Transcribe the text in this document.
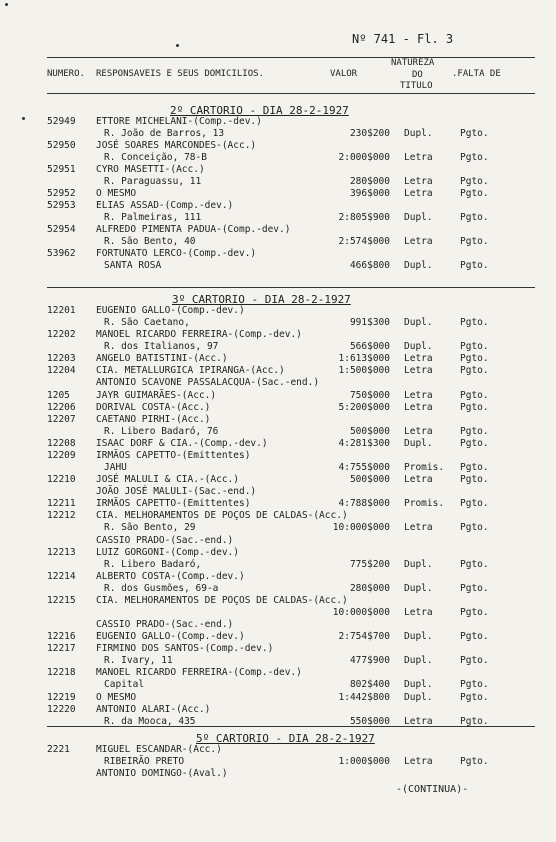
Nº 741 - Fl. 3
NUMERO. RESPONSAVEIS E SEUS DOMICILIOS.	VALOR
NATUREZA
DO
TITULO
.FALTA DE
2º CARTORIO - DIA 28-2-1927
52949 ETTORE MICHELANI-(Comp.-dev.)
R. João de Barros, 13	230$200 Dupl.	Pgto.
52950 JOSÉ SOARES MARCONDES-(Acc.)
R. Conceição, 78-B	2:000$000 Letra	Pgto.
52951 CYRO MASETTI-(Acc.)
R. Paraguassu, 11	280$000 Letra	Pgto.
52952 O MESMO	396$000 Letra	Pgto.
52953 ELIAS ASSAD-(Comp.-dev.)
R. Palmeiras, 111	2:805$900 Dupl.	Pgto.
52954 ALFREDO PIMENTA PADUA-(Comp.-dev.)
R. São Bento, 40	2:574$000 Letra	Pgto.
53962 FORTUNATO LERCO-(Comp.-dev.)
SANTA ROSA	466$800 Dupl.	Pgto.
3º CARTORIO - DIA 28-2-1927
12201 EUGENIO GALLO-(Comp.-dev.)
R. São Caetano,	991$300 Dupl.	Pgto.
12202 MANOEL RICARDO FERREIRA-(Comp.-dev.)
R. dos Italianos, 97	566$000 Dupl.	Pgto.
12203 ANGELO BATISTINI-(Acc.)	1:613$000 Letra	Pgto.
12204 CIA. METALLURGICA IPIRANGA-(Acc.)	1:500$000 Letra	Pgto.
ANTONIO SCAVONE PASSALACQUA-(Sac.-end.)
1205	JAYR GUIMARÃES-(Acc.)	750$000 Letra	Pgto.
12206 DORIVAL COSTA-(Acc.)	5:200$000 Letra	Pgto.
12207 CAETANO PIRHI-(Acc.)
R. Libero Badaró, 76	500$000 Letra	Pgto.
12208 ISAAC DORF & CIA.-(Comp.-dev.)	4:281$300 Dupl.	Pgto.
12209 IRMÃOS CAPETTO-(Emittentes)
JAHU	4:755$000 Promis. Pgto.
12210 JOSÉ MALULI & CIA.-(Acc.)	500$000 Letra	Pgto.
JOÃO JOSÉ MALULI-(Sac.-end.)
12211 IRMÃOS CAPETTO-(Emittentes)	4:788$000 Promis. Pgto.
12212 CIA. MELHORAMENTOS DE POÇOS DE CALDAS-(Acc.)
R. São Bento, 29	10:000$000 Letra	Pgto.
CASSIO PRADO-(Sac.-end.)
12213 LUIZ GORGONI-(Comp.-dev.)
R. Libero Badaró,	775$200 Dupl.	Pgto.
12214 ALBERTO COSTA-(Comp.-dev.)
R. dos Gusmões, 69-a	280$000 Dupl.	Pgto.
12215 CIA. MELHORAMENTOS DE POÇOS DE CALDAS-(Acc.)
10:000$000 Letra	Pgto.
CASSIO PRADO-(Sac.-end.)
12216 EUGENIO GALLO-(Comp.-dev.)	2:754$700 Dupl.	Pgto.
12217 FIRMINO DOS SANTOS-(Comp.-dev.)
R. Ivary, 11	477$900 Dupl.	Pgto.
12218 MANOEL RICARDO FERREIRA-(Comp.-dev.)
Capital	802$400 Dupl.	Pgto.
12219 O MESMO	1:442$800 Dupl.	Pgto.
12220 ANTONIO ALARI-(Acc.)
R. da Mooca, 435	550$000 Letra	Pgto.
5º CARTORIO - DIA 28-2-1927
2221	MIGUEL ESCANDAR-(Acc.)
RIBEIRÃO PRETO	1:000$000 Letra	Pgto.
ANTONIO DOMINGO-(Aval.)
-(CONTINUA)-
